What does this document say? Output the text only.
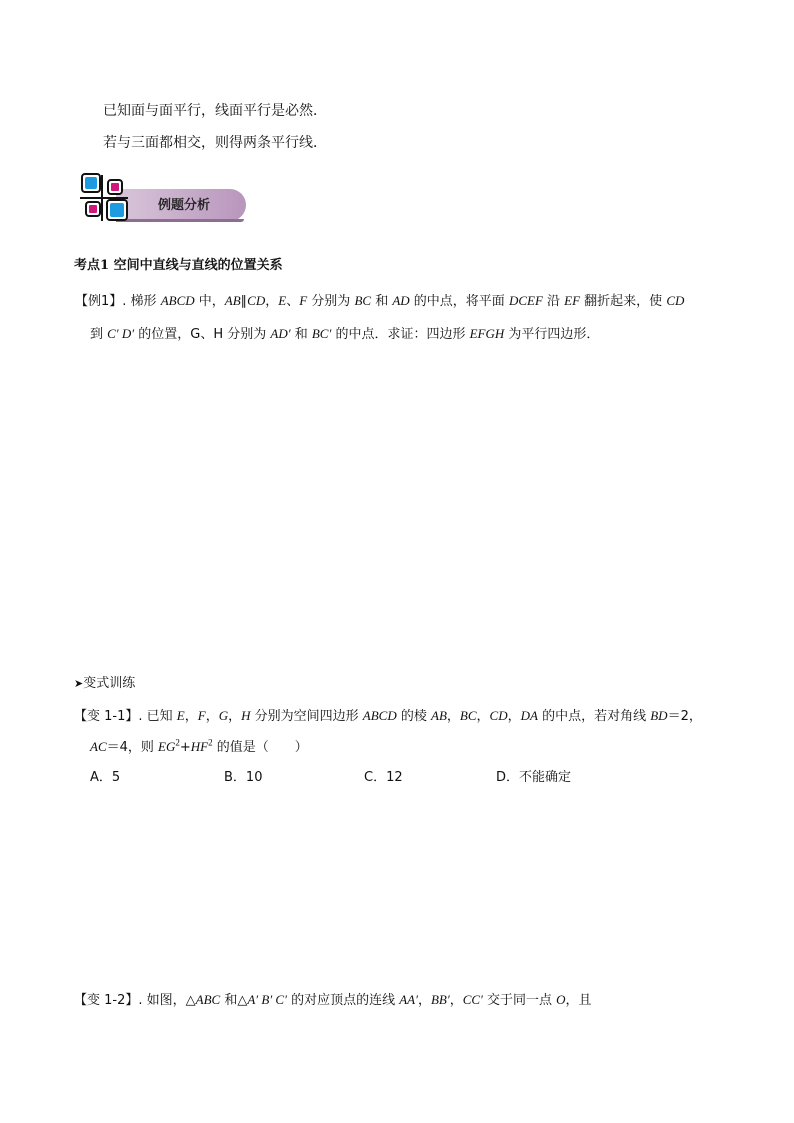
已知面与面平行，线面平行是必然．
若与三面都相交，则得两条平行线．
例题分析
考点1 空间中直线与直线的位置关系
【例1】. 梯形 ABCD 中，AB∥CD，E、F 分别为 BC 和 AD 的中点，将平面 DCEF 沿 EF 翻折起来，使 CD
到 C′ D′ 的位置，G、H 分别为 AD′ 和 BC′ 的中点．求证：四边形 EFGH 为平行四边形．
➤变式训练
【变 1-1】. 已知 E，F，G，H 分别为空间四边形 ABCD 的棱 AB，BC，CD，DA 的中点，若对角线 BD＝2，
AC＝4，则 $EG^2+HF^2$ 的值是（　　）
A．5	B．10	C．12	D．不能确定
【变 1-2】. 如图，△ABC 和△A′ B′ C′ 的对应顶点的连线 AA′，BB′，CC′ 交于同一点 O，且
